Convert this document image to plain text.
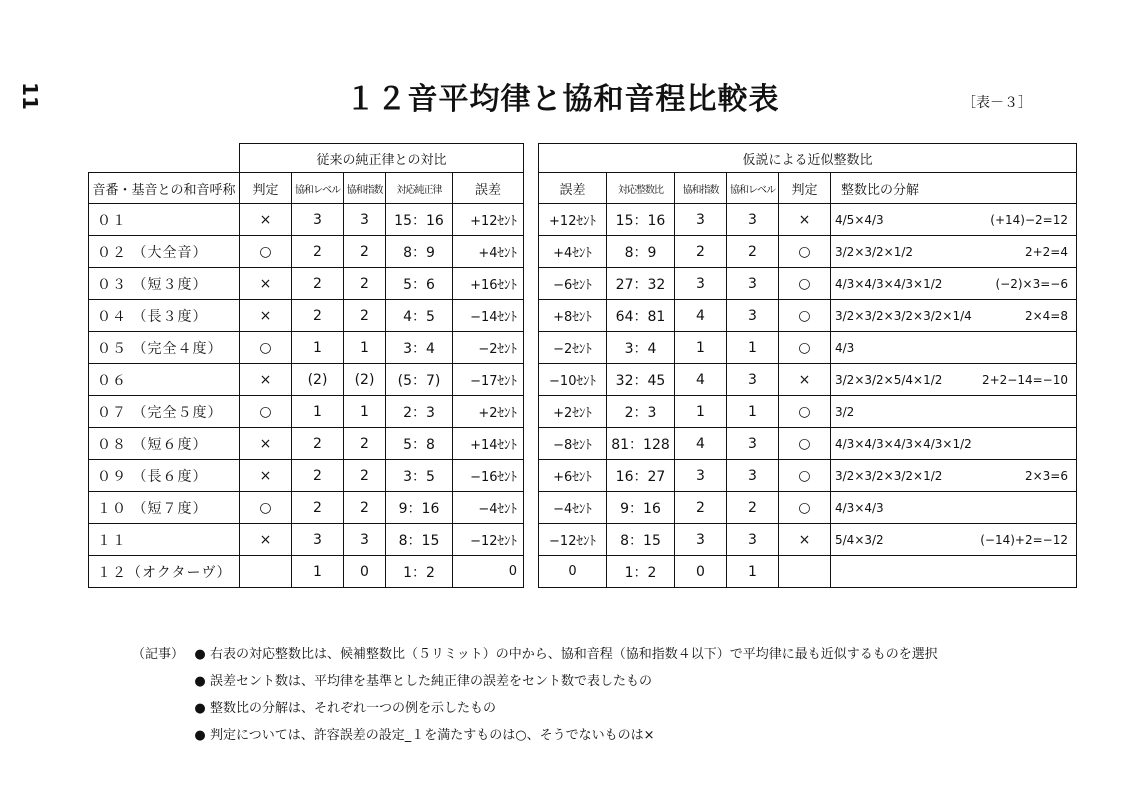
11	１２音平均律と協和音程比較表	［表－３］
	従来の純正律との対比				
音番・基音との和音呼称	判定	協和レベル	協和指数	対応純正律	誤差
０１	×	3	3	15：16	+12ｾﾝﾄ
０２ （大全音）	○	2	2	8：9	+4ｾﾝﾄ
０３ （短３度）	×	2	2	5：6	+16ｾﾝﾄ
０４ （長３度）	×	2	2	4：5	−14ｾﾝﾄ
０５ （完全４度）	○	1	1	3：4	−2ｾﾝﾄ
０６	×	(2)	(2)	(5：7)	−17ｾﾝﾄ
０７ （完全５度）	○	1	1	2：3	+2ｾﾝﾄ
０８ （短６度）	×	2	2	5：8	+14ｾﾝﾄ
０９ （長６度）	×	2	2	3：5	−16ｾﾝﾄ
１０ （短７度）	○	2	2	9：16	−4ｾﾝﾄ
１１	×	3	3	8：15	−12ｾﾝﾄ
１２（オクターヴ）		1	0	1：2	0
仮説による近似整数比					
誤差	対応整数比	協和指数	協和レベル	判定	整数比の分解
+12ｾﾝﾄ	15：16	3	3	×	4/5×4/3 (+14)−2=12

+4ｾﾝﾄ	8：9	2	2	○	3/2×3/2×1/2 2+2=4

−6ｾﾝﾄ	27：32	3	3	○	4/3×4/3×4/3×1/2 (−2)×3=−6

+8ｾﾝﾄ	64：81	4	3	○	3/2×3/2×3/2×3/2×1/4 2×4=8

−2ｾﾝﾄ	3：4	1	1	○	4/3

−10ｾﾝﾄ	32：45	4	3	×	3/2×3/2×5/4×1/2 2+2−14=−10

+2ｾﾝﾄ	2：3	1	1	○	3/2

−8ｾﾝﾄ	81：128	4	3	○	4/3×4/3×4/3×4/3×1/2

+6ｾﾝﾄ	16：27	3	3	○	3/2×3/2×3/2×1/2 2×3=6

−4ｾﾝﾄ	9：16	2	2	○	4/3×4/3

−12ｾﾝﾄ	8：15	3	3	×	5/4×3/2 (−14)+2=−12

0	1：2	0	1		
（記事） ● 右表の対応整数比は、候補整数比（５リミット）の中から、協和音程（協和指数４以下）で平均律に最も近似するものを選択
● 誤差セント数は、平均律を基準とした純正律の誤差をセント数で表したもの
● 整数比の分解は、それぞれ一つの例を示したもの
● 判定については、許容誤差の設定_１を満たすものは○、そうでないものは×
